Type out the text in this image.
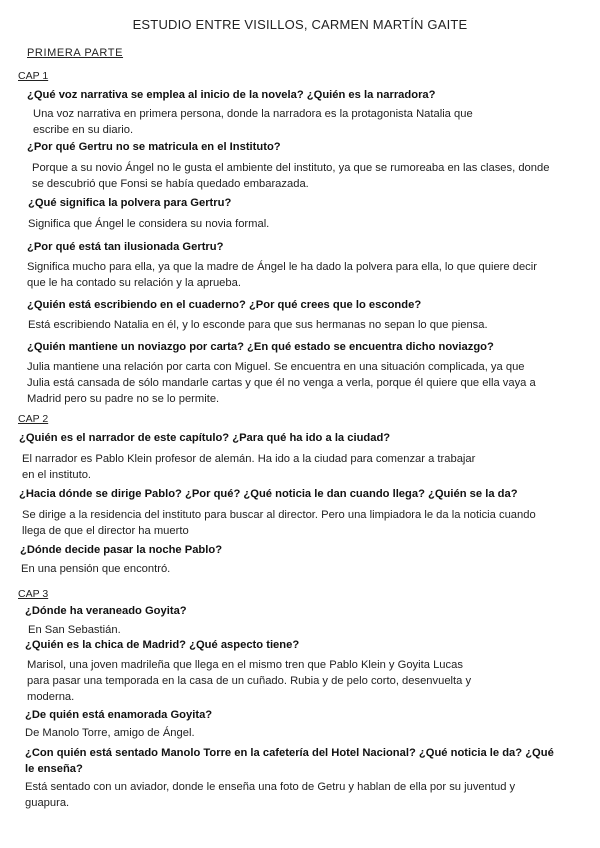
ESTUDIO ENTRE VISILLOS, CARMEN MARTÍN GAITE
PRIMERA PARTE
CAP 1
¿Qué voz narrativa se emplea al inicio de la novela? ¿Quién es la narradora?
Una voz narrativa en primera persona, donde la narradora es la protagonista Natalia que
escribe en su diario.
¿Por qué Gertru no se matricula en el Instituto?
Porque a su novio Ángel no le gusta el ambiente del instituto, ya que se rumoreaba en las clases, donde
se descubrió que Fonsi se había quedado embarazada.
¿Qué significa la polvera para Gertru?
Significa que Ángel le considera su novia formal.
¿Por qué está tan ilusionada Gertru?
Significa mucho para ella, ya que la madre de Ángel le ha dado la polvera para ella, lo que quiere decir
que le ha contado su relación y la aprueba.
¿Quién está escribiendo en el cuaderno? ¿Por qué crees que lo esconde?
Está escribiendo Natalia en él, y lo esconde para que sus hermanas no sepan lo que piensa.
¿Quién mantiene un noviazgo por carta? ¿En qué estado se encuentra dicho noviazgo?
Julia mantiene una relación por carta con Miguel. Se encuentra en una situación complicada, ya que
Julia está cansada de sólo mandarle cartas y que él no venga a verla, porque él quiere que ella vaya a
Madrid pero su padre no se lo permite.
CAP 2
¿Quién es el narrador de este capítulo? ¿Para qué ha ido a la ciudad?
El narrador es Pablo Klein profesor de alemán. Ha ido a la ciudad para comenzar a trabajar
en el instituto.
¿Hacia dónde se dirige Pablo? ¿Por qué? ¿Qué noticia le dan cuando llega? ¿Quién se la da?
Se dirige a la residencia del instituto para buscar al director. Pero una limpiadora le da la noticia cuando
llega de que el director ha muerto
¿Dónde decide pasar la noche Pablo?
En una pensión que encontró.
CAP 3
¿Dónde ha veraneado Goyita?
En San Sebastián.
¿Quién es la chica de Madrid? ¿Qué aspecto tiene?
Marisol, una joven madrileña que llega en el mismo tren que Pablo Klein y Goyita Lucas
para pasar una temporada en la casa de un cuñado. Rubia y de pelo corto, desenvuelta y
moderna.
¿De quién está enamorada Goyita?
De Manolo Torre, amigo de Ángel.
¿Con quién está sentado Manolo Torre en la cafetería del Hotel Nacional? ¿Qué noticia le da? ¿Qué
le enseña?
Está sentado con un aviador, donde le enseña una foto de Getru y hablan de ella por su juventud y
guapura.
